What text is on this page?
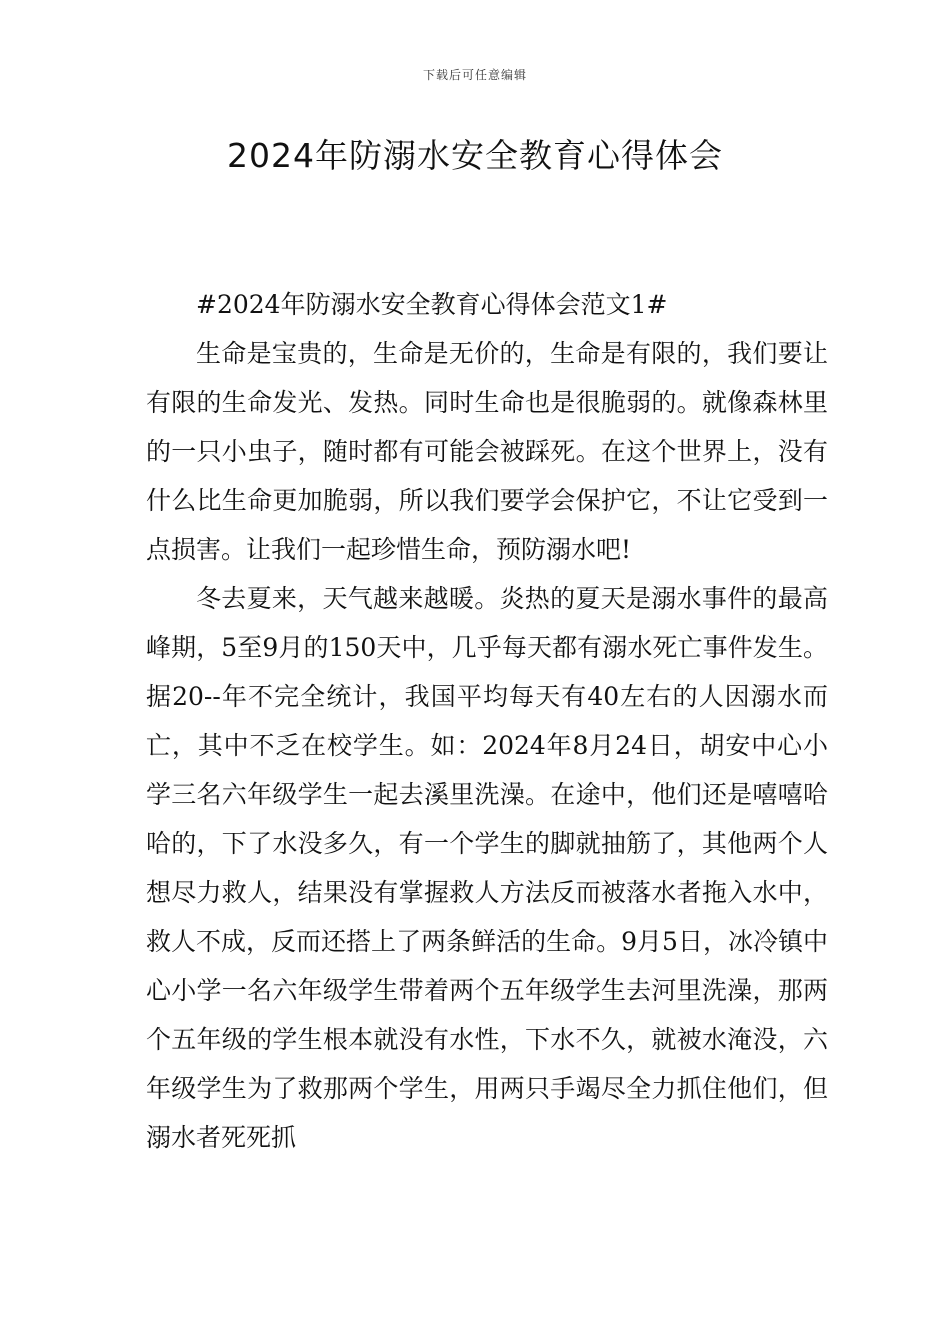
下载后可任意编辑
2024年防溺水安全教育心得体会

#2024年防溺水安全教育心得体会范文1#

生命是宝贵的，生命是无价的，生命是有限的，我们要让有限的生命发光、发热。同时生命也是很脆弱的。就像森林里的一只小虫子，随时都有可能会被踩死。在这个世界上，没有什么比生命更加脆弱，所以我们要学会保护它，不让它受到一点损害。让我们一起珍惜生命，预防溺水吧!

冬去夏来，天气越来越暖。炎热的夏天是溺水事件的最高峰期，5至9月的150天中，几乎每天都有溺水死亡事件发生。据20--年不完全统计，我国平均每天有40左右的人因溺水而亡，其中不乏在校学生。如：2024年8月24日，胡安中心小学三名六年级学生一起去溪里洗澡。在途中，他们还是嘻嘻哈哈的，下了水没多久，有一个学生的脚就抽筋了，其他两个人想尽力救人，结果没有掌握救人方法反而被落水者拖入水中，救人不成，反而还搭上了两条鲜活的生命。9月5日，冰冷镇中心小学一名六年级学生带着两个五年级学生去河里洗澡，那两个五年级的学生根本就没有水性，下水不久，就被水淹没，六年级学生为了救那两个学生，用两只手竭尽全力抓住他们，但溺水者死死抓
